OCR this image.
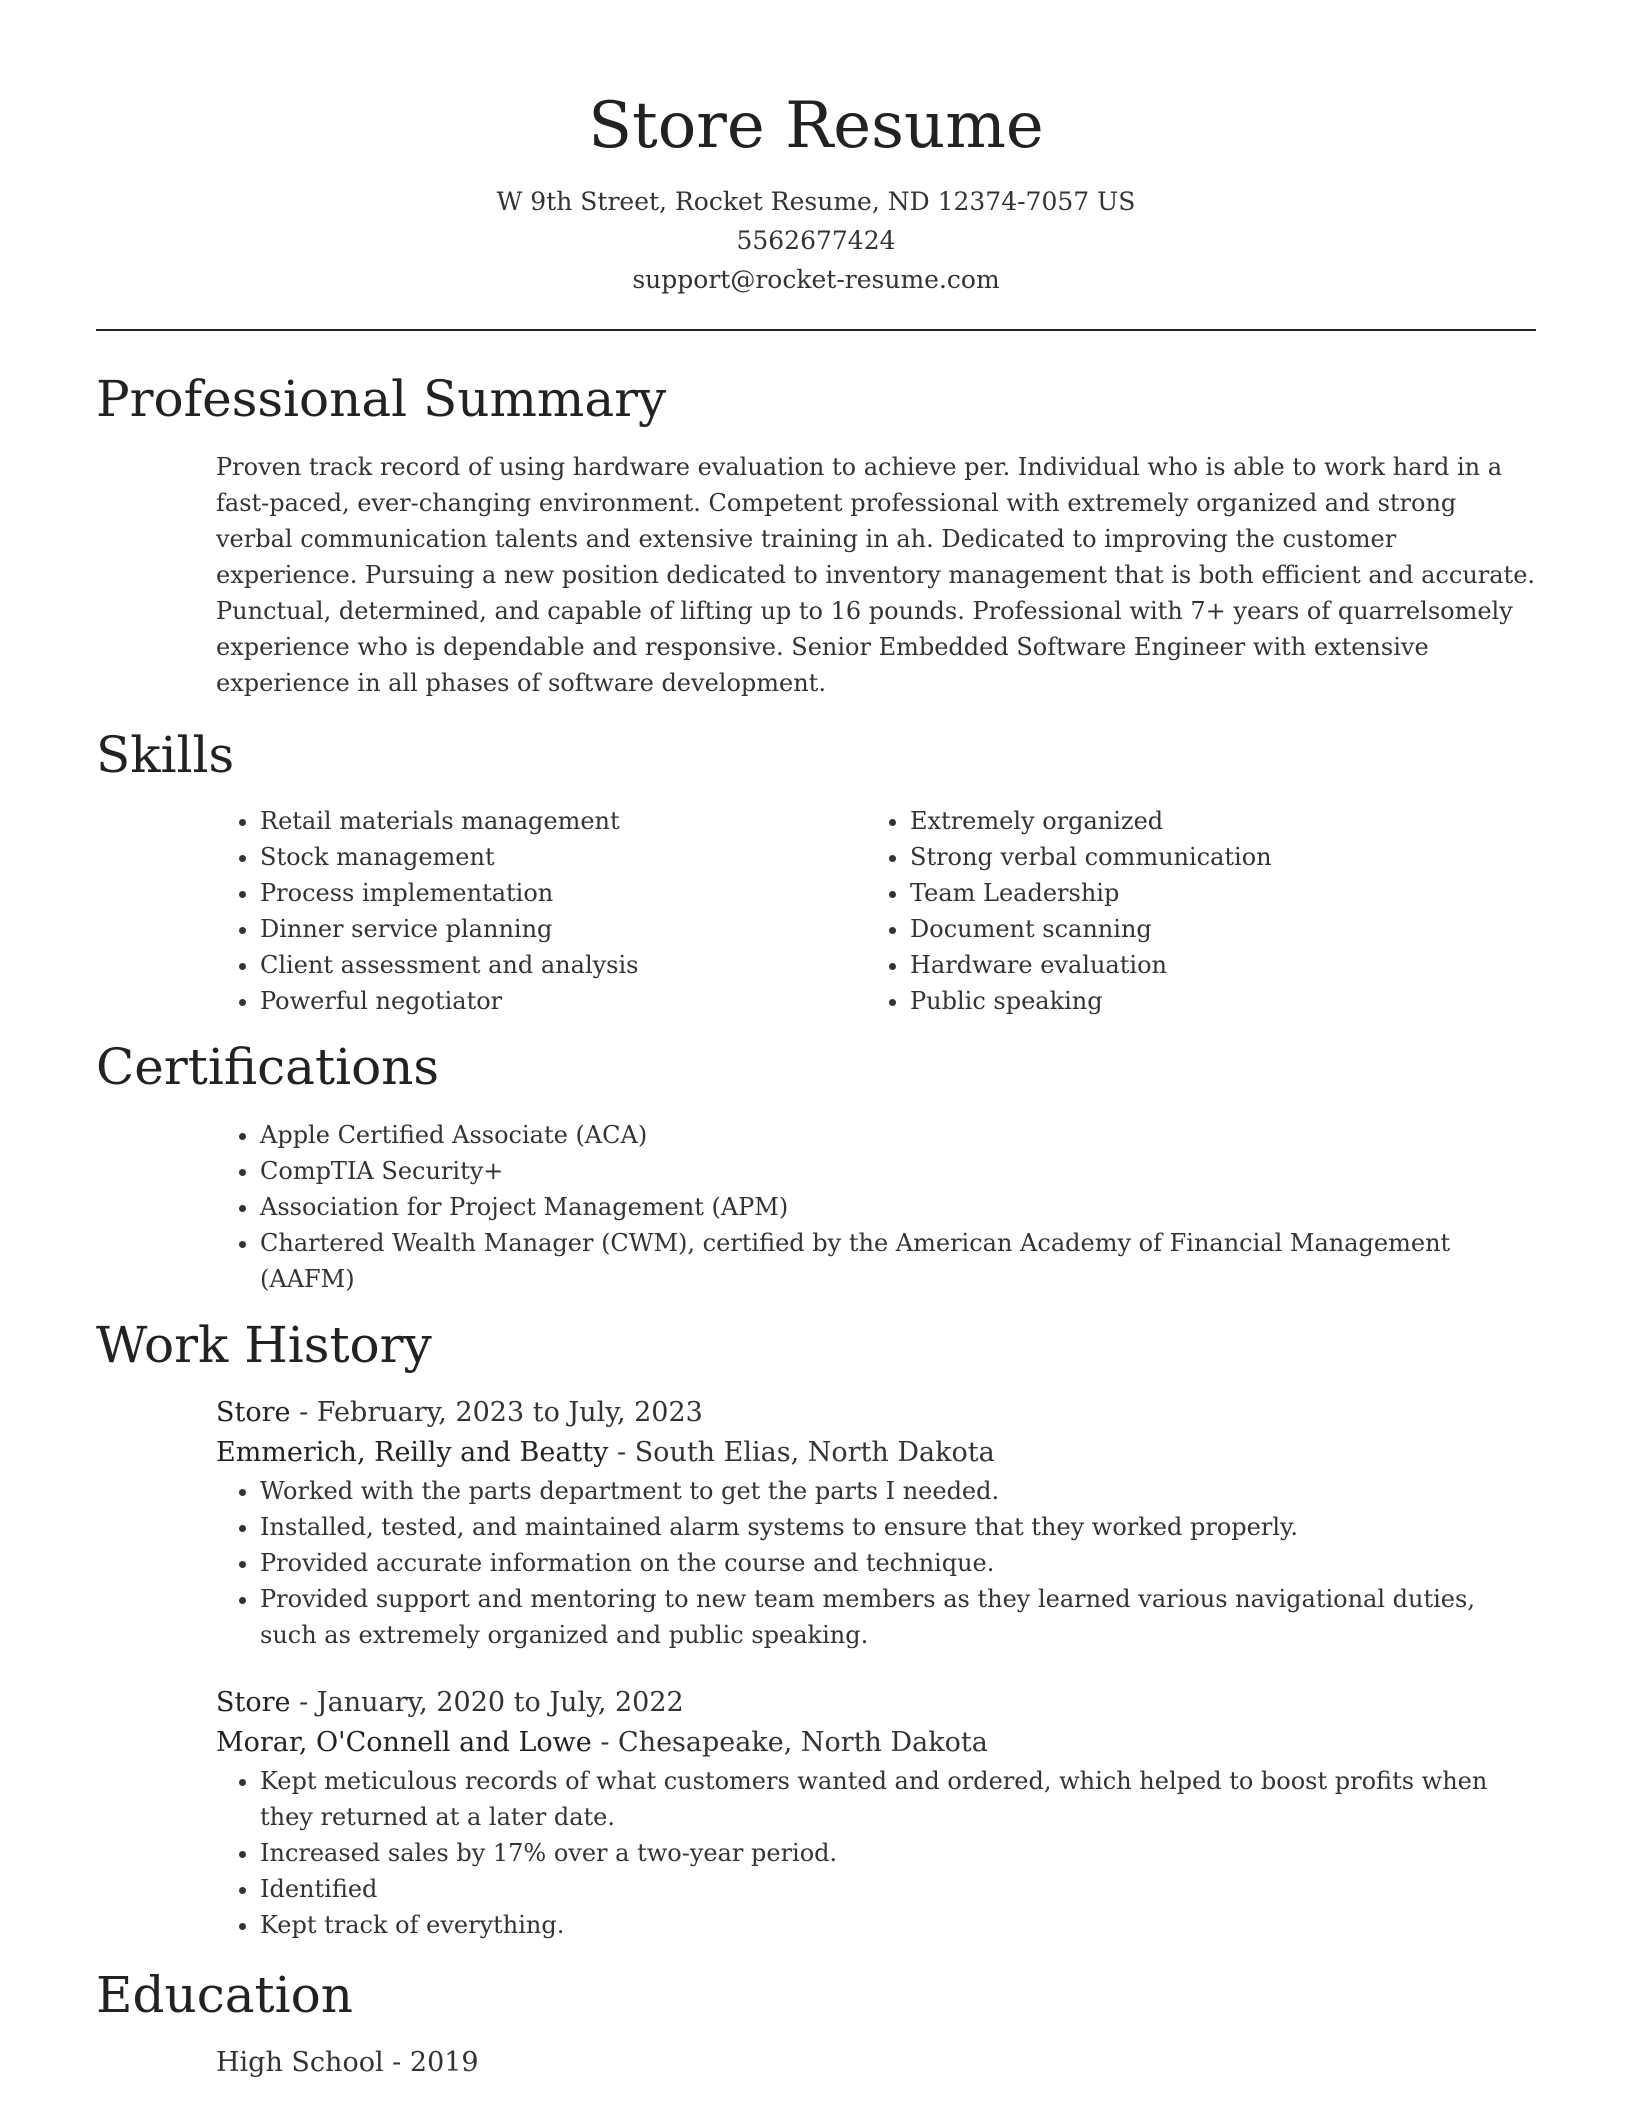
Store Resume
W 9th Street, Rocket Resume, ND 12374-7057 US
5562677424
support@rocket-resume.com
Professional Summary

Proven track record of using hardware evaluation to achieve per. Individual who is able to work hard in a fast-paced, ever-changing environment. Competent professional with extremely organized and strong verbal communication talents and extensive training in ah. Dedicated to improving the customer experience. Pursuing a new position dedicated to inventory management that is both efficient and accurate. Punctual, determined, and capable of lifting up to 16 pounds. Professional with 7+ years of quarrelsomely experience who is dependable and responsive. Senior Embedded Software Engineer with extensive experience in all phases of software development.

Skills
• Retail materials management
• Stock management
• Process implementation
• Dinner service planning
• Client assessment and analysis
• Powerful negotiator
• Extremely organized
• Strong verbal communication
• Team Leadership
• Document scanning
• Hardware evaluation
• Public speaking
Certifications
• Apple Certified Associate (ACA)
• CompTIA Security+
• Association for Project Management (APM)
• Chartered Wealth Manager (CWM), certified by the American Academy of Financial Management (AAFM)
Work History
Store - February, 2023 to July, 2023
Emmerich, Reilly and Beatty - South Elias, North Dakota
• Worked with the parts department to get the parts I needed.
• Installed, tested, and maintained alarm systems to ensure that they worked properly.
• Provided accurate information on the course and technique.
• Provided support and mentoring to new team members as they learned various navigational duties, such as extremely organized and public speaking.
Store - January, 2020 to July, 2022
Morar, O'Connell and Lowe - Chesapeake, North Dakota
• Kept meticulous records of what customers wanted and ordered, which helped to boost profits when they returned at a later date.
• Increased sales by 17% over a two-year period.
• Identified
• Kept track of everything.
Education
High School - 2019
